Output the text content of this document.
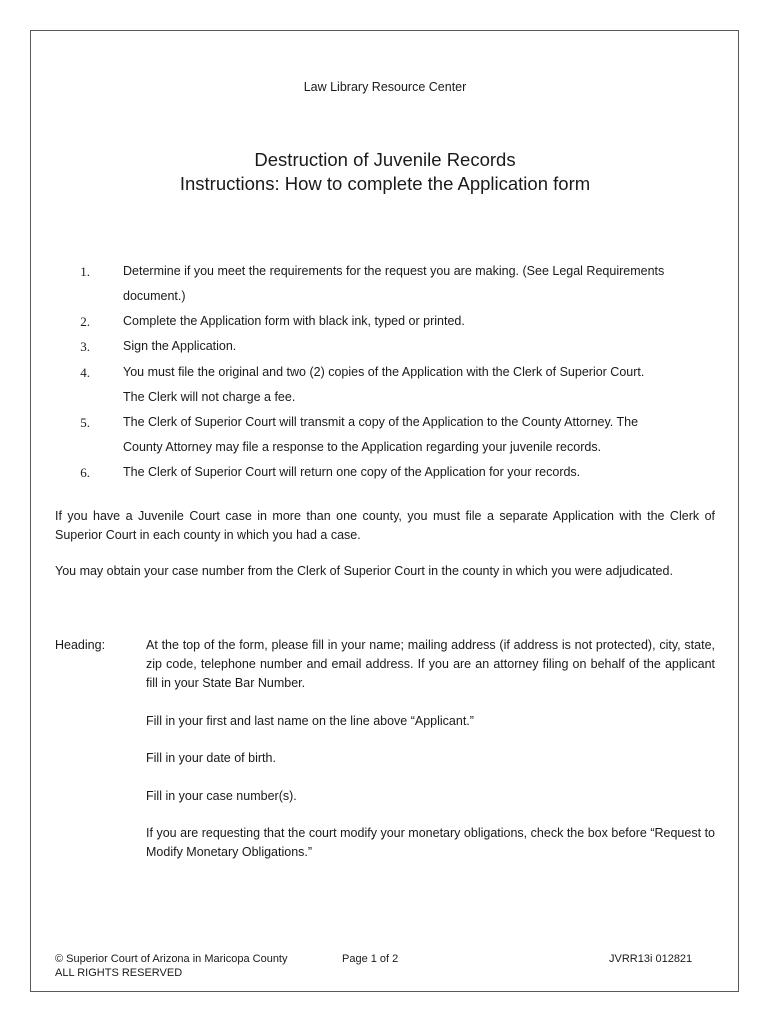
Law Library Resource Center
Destruction of Juvenile Records
Instructions: How to complete the Application form
1.	Determine if you meet the requirements for the request you are making. (See Legal Requirements
document.)
2.	Complete the Application form with black ink, typed or printed.
3.	Sign the Application.
4.	You must file the original and two (2) copies of the Application with the Clerk of Superior Court.
The Clerk will not charge a fee.
5.	The Clerk of Superior Court will transmit a copy of the Application to the County Attorney. The
County Attorney may file a response to the Application regarding your juvenile records.
6.	The Clerk of Superior Court will return one copy of the Application for your records.
If you have a Juvenile Court case in more than one county, you must file a separate Application with the Clerk of Superior Court in each county in which you had a case.
You may obtain your case number from the Clerk of Superior Court in the county in which you were adjudicated.
Heading:	At the top of the form, please fill in your name; mailing address (if address is not protected), city, state, zip code, telephone number and email address. If you are an attorney filing on behalf of the applicant fill in your State Bar Number.
Fill in your first and last name on the line above “Applicant.”
Fill in your date of birth.
Fill in your case number(s).
If you are requesting that the court modify your monetary obligations, check the box before “Request to Modify Monetary Obligations.”
© Superior Court of Arizona in Maricopa County
ALL RIGHTS RESERVED
Page 1 of 2	JVRR13i 012821
